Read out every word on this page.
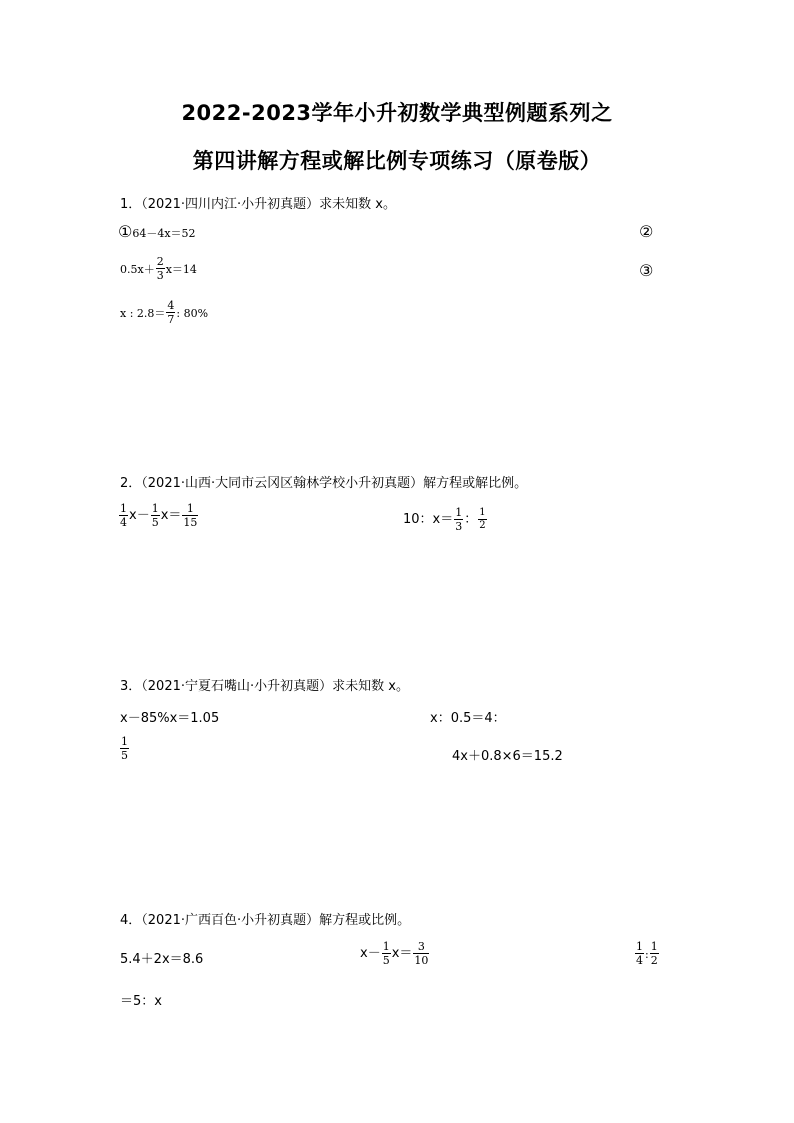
2022-2023学年小升初数学典型例题系列之
第四讲解方程或解比例专项练习（原卷版）
1．（2021·四川内江·小升初真题）求未知数 x。
①64－4x＝52	②
$0.5x+ \frac{2}{3} x=14$	③
x : $2.8= \frac{4}{7}$ : 80%
2．（2021·山西·大同市云冈区翰林学校小升初真题）解方程或解比例。
$\frac{1}{4} x- \frac{1}{5} x= \frac{1}{15}$	10：$x= \frac{1}{3}$ ： $\frac{1}{2}$
3．（2021·宁夏石嘴山·小升初真题）求未知数 x。
x－85%x＝1.05	x：0.5＝4：
$\frac{1}{5}$	4x＋0.8×6＝15.2
4．（2021·广西百色·小升初真题）解方程或比例。
5.4＋2x＝8.6	$x- \frac{1}{5} x= \frac{3}{10}$	$\frac{1}{4}$ : $\frac{1}{2}$
＝5：x
